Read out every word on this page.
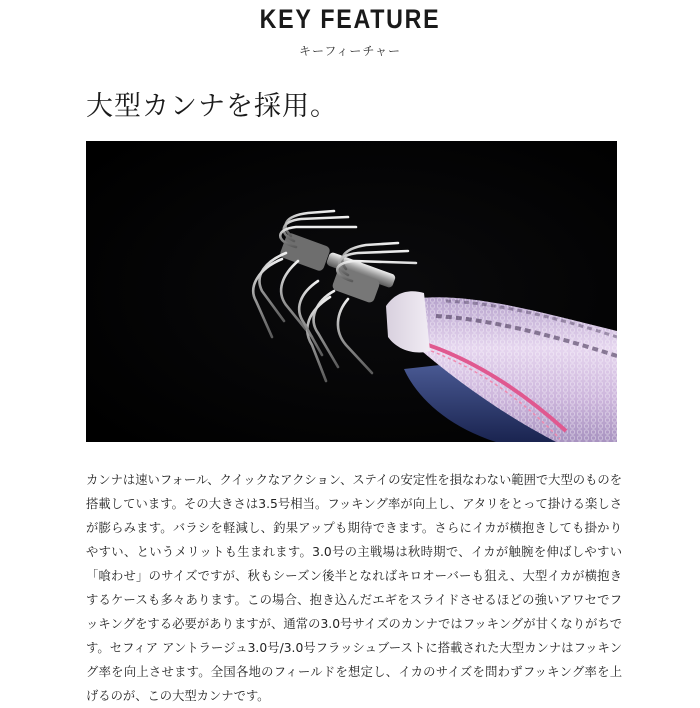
KEY FEATURE
キーフィーチャー
大型カンナを採用。

カンナは速いフォール、クイックなアクション、ステイの安定性を損なわない範囲で大型のものを搭載しています。その大きさは3.5号相当。フッキング率が向上し、アタリをとって掛ける楽しさが膨らみます。バラシを軽減し、釣果アップも期待できます。さらにイカが横抱きしても掛かりやすい、というメリットも生まれます。3.0号の主戦場は秋時期で、イカが触腕を伸ばしやすい「喰わせ」のサイズですが、秋もシーズン後半となればキロオーバーも狙え、大型イカが横抱きするケースも多々あります。この場合、抱き込んだエギをスライドさせるほどの強いアワセでフッキングをする必要がありますが、通常の3.0号サイズのカンナではフッキングが甘くなりがちです。セフィア アントラージュ3.0号/3.0号フラッシュブーストに搭載された大型カンナはフッキング率を向上させます。全国各地のフィールドを想定し、イカのサイズを問わずフッキング率を上げるのが、この大型カンナです。
